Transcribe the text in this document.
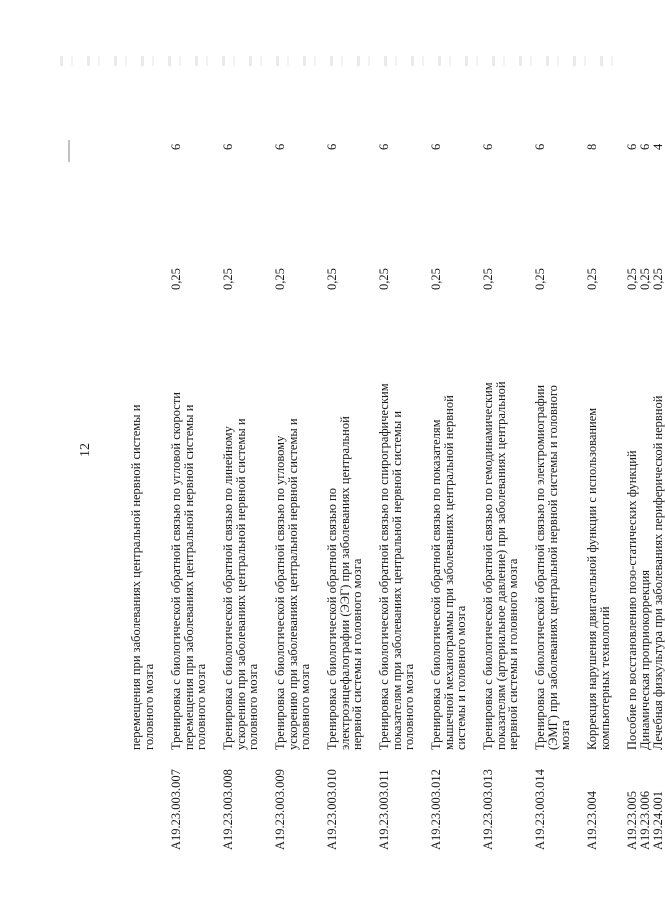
12	перемещения при заболеваниях центральной нервной системы и
головного мозга
A19.23.003.007
Тренировка с биологической обратной связью по угловой скорости
перемещения при заболеваниях центральной нервной системы и
головного мозга
0,25
6
A19.23.003.008
Тренировка с биологической обратной связью по линейному
ускорению при заболеваниях центральной нервной системы и
головного мозга
0,25
6
A19.23.003.009
Тренировка с биологической обратной связью по угловому
ускорению при заболеваниях центральной нервной системы и
головного мозга
0,25
6
A19.23.003.010
Тренировка с биологической обратной связью по
электроэнцефалографии (ЭЭГ) при заболеваниях центральной
нервной системы и головного мозга
0,25
6
A19.23.003.011
Тренировка с биологической обратной связью по спирографическим
показателям при заболеваниях центральной нервной системы и
головного мозга
0,25
6
A19.23.003.012
Тренировка с биологической обратной связью по показателям
мышечной механограммы при заболеваниях центральной нервной
системы и головного мозга
0,25
6
A19.23.003.013
Тренировка с биологической обратной связью по гемодинамическим
показателям (артериальное давление) при заболеваниях центральной
нервной системы и головного мозга
0,25
6
A19.23.003.014
Тренировка с биологической обратной связью по электромиографии
(ЭМГ) при заболеваниях центральной нервной системы и головного
мозга
0,25
6
A19.23.004
Коррекция нарушения двигательной функции с использованием
компьютерных технологий
0,25
8
A19.23.005
Пособие по восстановлению позо-статических функций
0,25
6
A19.23.006
Динамическая проприокоррекция
0,25
6
A19.24.001
Лечебная физкультура при заболеваниях периферической нервной
0,25
4
